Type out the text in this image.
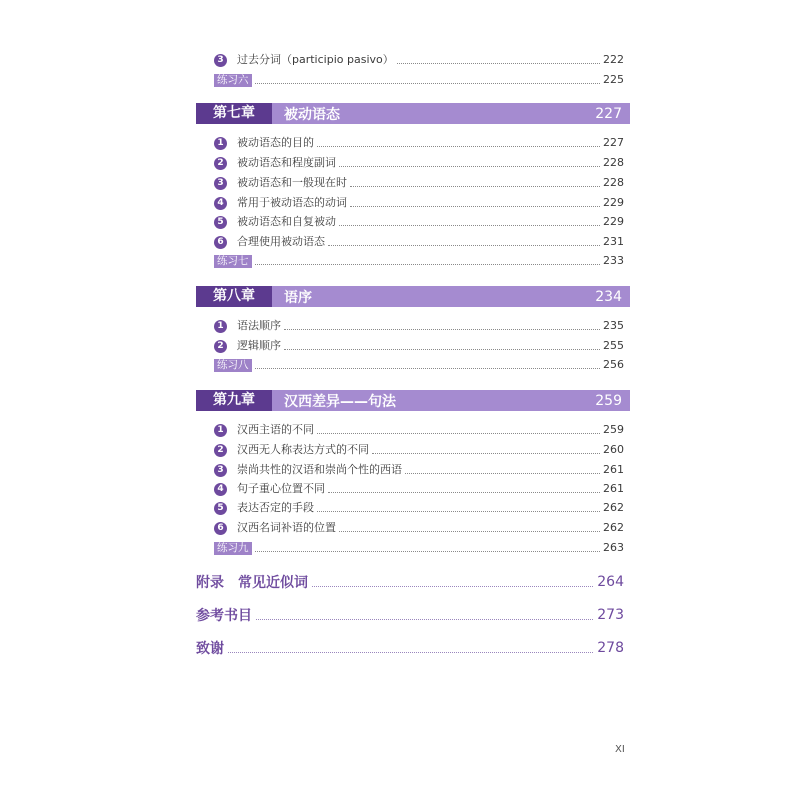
3	过去分词（participio pasivo）	222
练习六	225
第七章	被动语态	227
1	被动语态的目的	227
2	被动语态和程度副词	228
3	被动语态和一般现在时	228
4	常用于被动语态的动词	229
5	被动语态和自复被动	229
6	合理使用被动语态	231
练习七	233
第八章	语序	234
1	语法顺序	235
2	逻辑顺序	255
练习八	256
第九章	汉西差异——句法	259
1	汉西主语的不同	259
2	汉西无人称表达方式的不同	260
3	崇尚共性的汉语和崇尚个性的西语	261
4	句子重心位置不同	261
5	表达否定的手段	262
6	汉西名词补语的位置	262
练习九	263
附录　常见近似词	264
参考书目	273
致谢	278
XI
